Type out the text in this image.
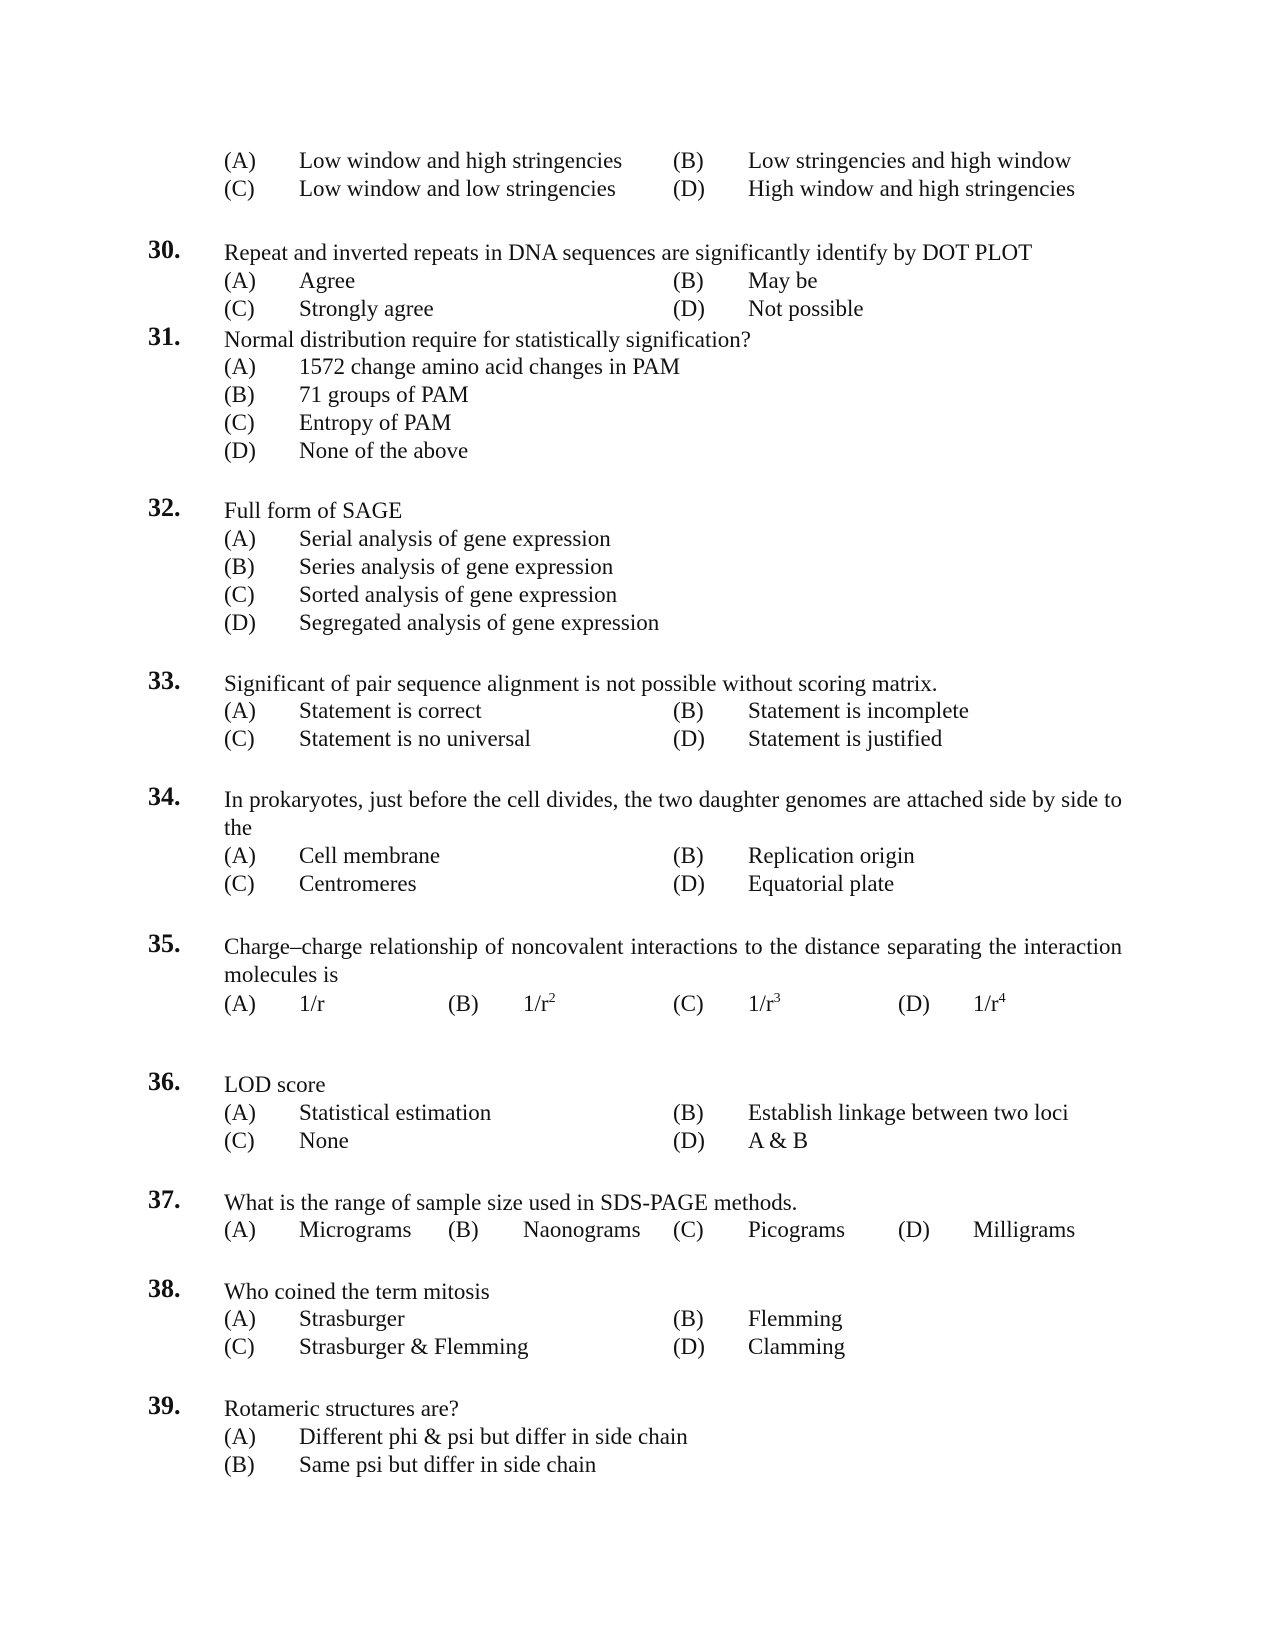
(A) Low window and high stringencies (B) Low stringencies and high window
(C) Low window and low stringencies (D) High window and high stringencies
30. Repeat and inverted repeats in DNA sequences are significantly identify by DOT PLOT
(A) Agree	(B) May be
(C) Strongly agree	(D) Not possible
31. Normal distribution require for statistically signification?
(A) 1572 change amino acid changes in PAM
(B) 71 groups of PAM
(C) Entropy of PAM
(D) None of the above
32. Full form of SAGE
(A) Serial analysis of gene expression
(B) Series analysis of gene expression
(C) Sorted analysis of gene expression
(D) Segregated analysis of gene expression
33. Significant of pair sequence alignment is not possible without scoring matrix.
(A) Statement is correct	(B) Statement is incomplete
(C) Statement is no universal	(D) Statement is justified
34. In prokaryotes, just before the cell divides, the two daughter genomes are attached side by side to the
(A) Cell membrane	(B) Replication origin
(C) Centromeres	(D) Equatorial plate
35. Charge–charge relationship of noncovalent interactions to the distance separating the interaction molecules is
(A) 1/r	(B) $1/r^2$	(C) $1/r^3$	(D) $1/r^4$
36. LOD score
(A) Statistical estimation	(B) Establish linkage between two loci
(C) None	(D) A & B
37. What is the range of sample size used in SDS-PAGE methods.
(A) Micrograms (B) Naonograms (C) Picograms (D) Milligrams
38. Who coined the term mitosis
(A) Strasburger	(B) Flemming
(C) Strasburger & Flemming	(D) Clamming
39. Rotameric structures are?
(A) Different phi & psi but differ in side chain
(B) Same psi but differ in side chain
